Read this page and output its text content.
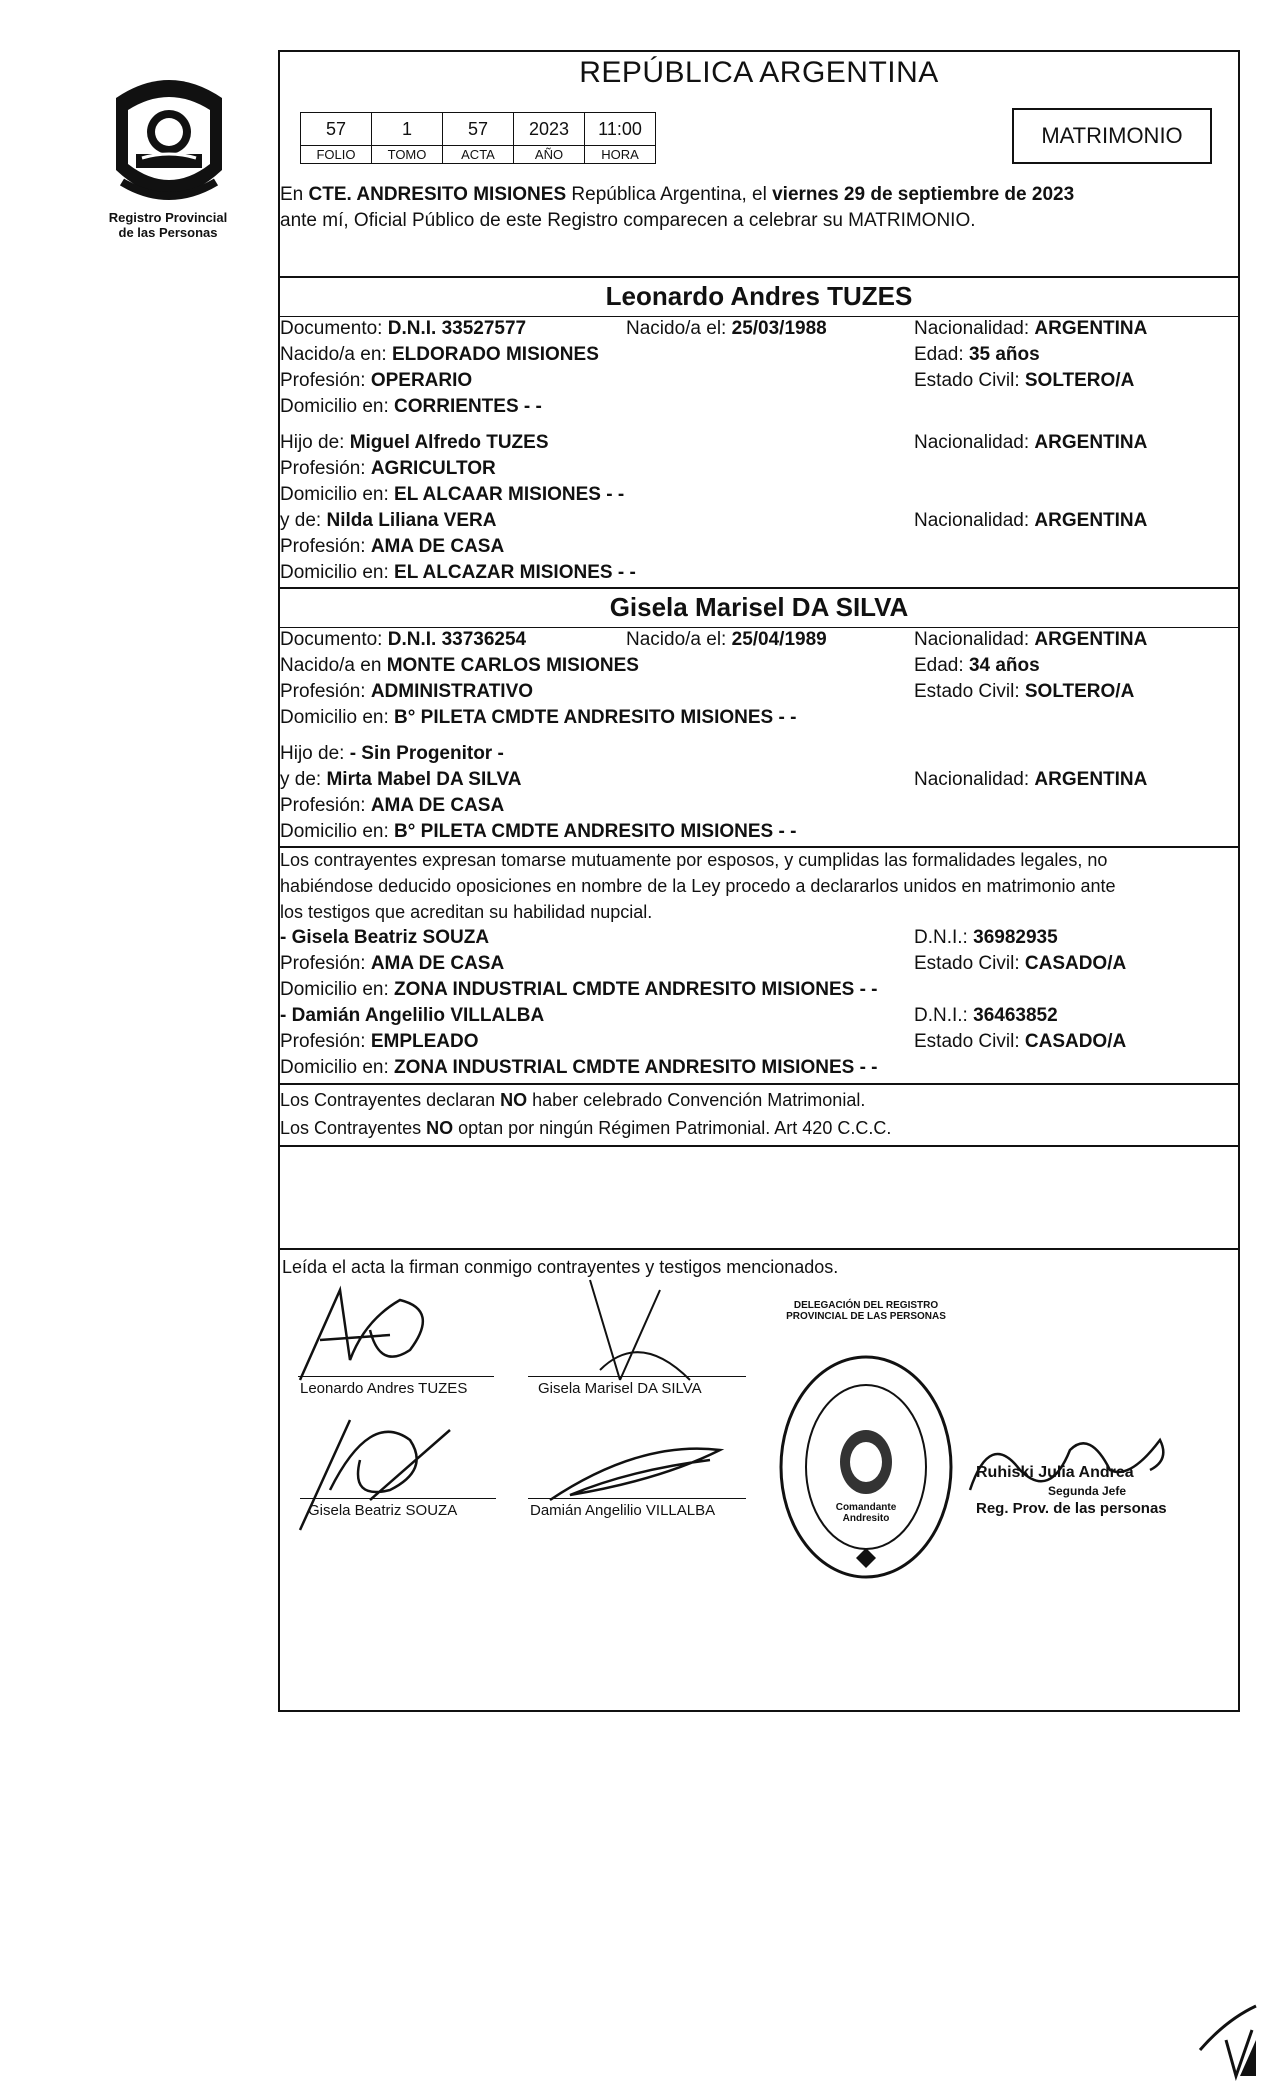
Registro Provincial
de las Personas
REPÚBLICA ARGENTINA
57	1	57	2023	11:00
FOLIO	TOMO	ACTA	AÑO	HORA
MATRIMONIO
En CTE. ANDRESITO MISIONES República Argentina, el viernes 29 de septiembre de 2023
ante mí, Oficial Público de este Registro comparecen a celebrar su MATRIMONIO.
Leonardo Andres TUZES
Documento: D.N.I. 33527577	Nacido/a el: 25/03/1988	Nacionalidad: ARGENTINA
Nacido/a en: ELDORADO MISIONES	Edad: 35 años
Profesión: OPERARIO	Estado Civil: SOLTERO/A
Domicilio en: CORRIENTES - -
Hijo de: Miguel Alfredo TUZES	Nacionalidad: ARGENTINA
Profesión: AGRICULTOR
Domicilio en: EL ALCAAR MISIONES - -
y de: Nilda Liliana VERA	Nacionalidad: ARGENTINA
Profesión: AMA DE CASA
Domicilio en: EL ALCAZAR MISIONES - -
Gisela Marisel DA SILVA
Documento: D.N.I. 33736254	Nacido/a el: 25/04/1989	Nacionalidad: ARGENTINA
Nacido/a en MONTE CARLOS MISIONES	Edad: 34 años
Profesión: ADMINISTRATIVO	Estado Civil: SOLTERO/A
Domicilio en: B° PILETA CMDTE ANDRESITO MISIONES - -
Hijo de: - Sin Progenitor -
y de: Mirta Mabel DA SILVA	Nacionalidad: ARGENTINA
Profesión: AMA DE CASA
Domicilio en: B° PILETA CMDTE ANDRESITO MISIONES - -
Los contrayentes expresan tomarse mutuamente por esposos, y cumplidas las formalidades legales, no
habiéndose deducido oposiciones en nombre de la Ley procedo a declararlos unidos en matrimonio ante
los testigos que acreditan su habilidad nupcial.
- Gisela Beatriz SOUZA	D.N.I.: 36982935
Profesión: AMA DE CASA	Estado Civil: CASADO/A
Domicilio en: ZONA INDUSTRIAL CMDTE ANDRESITO MISIONES - -
- Damián Angelilio VILLALBA	D.N.I.: 36463852
Profesión: EMPLEADO	Estado Civil: CASADO/A
Domicilio en: ZONA INDUSTRIAL CMDTE ANDRESITO MISIONES - -
Los Contrayentes declaran NO haber celebrado Convención Matrimonial.
Los Contrayentes NO optan por ningún Régimen Patrimonial. Art 420 C.C.C.
Leída el acta la firman conmigo contrayentes y testigos mencionados.
Leonardo Andres TUZES	Gisela Marisel DA SILVA
Gisela Beatriz SOUZA	Damián Angelilio VILLALBA
DELEGACIÓN DEL REGISTRO PROVINCIAL DE LAS PERSONAS
Comandante Andresito
Ruhiski Julia Andrea
Segunda Jefe
Reg. Prov. de las personas
